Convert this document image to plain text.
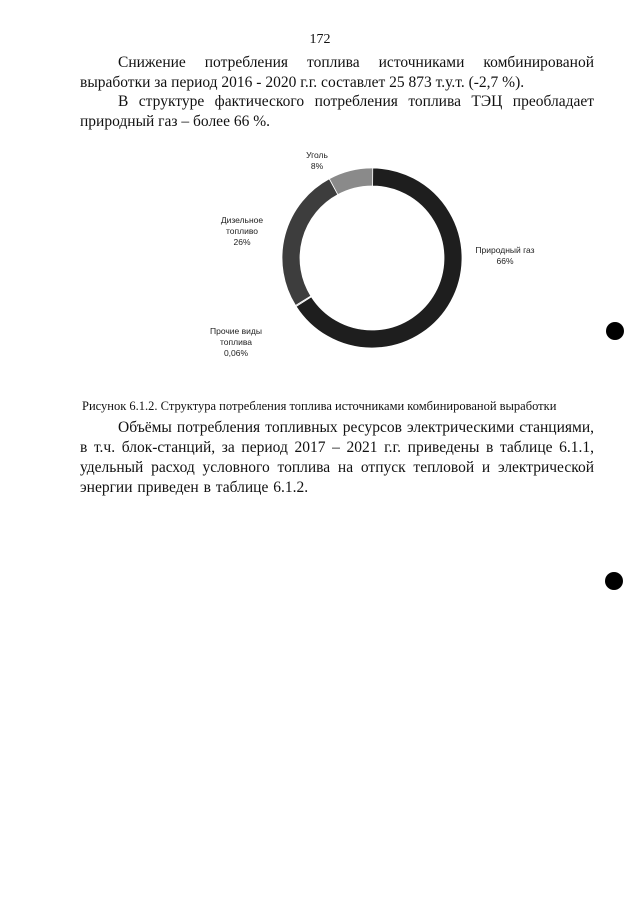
172

Снижение потребления топлива источниками комбинированой выработки за период 2016 - 2020 г.г. составлет 25 873 т.у.т. (-2,7 %).

В структуре фактического потребления топлива ТЭЦ преобладает природный газ – более 66 %.

Природный газ
66%
Прочие виды
топлива
0,06%
Дизельное
топливо
26%
Уголь
8%
Рисунок 6.1.2. Структура потребления топлива источниками комбинированой выработки

Объёмы потребления топливных ресурсов электрическими станциями, в т.ч. блок-станций, за период 2017 – 2021 г.г. приведены в таблице 6.1.1, удельный расход условного топлива на отпуск тепловой и электрической энергии приведен в таблице 6.1.2.
